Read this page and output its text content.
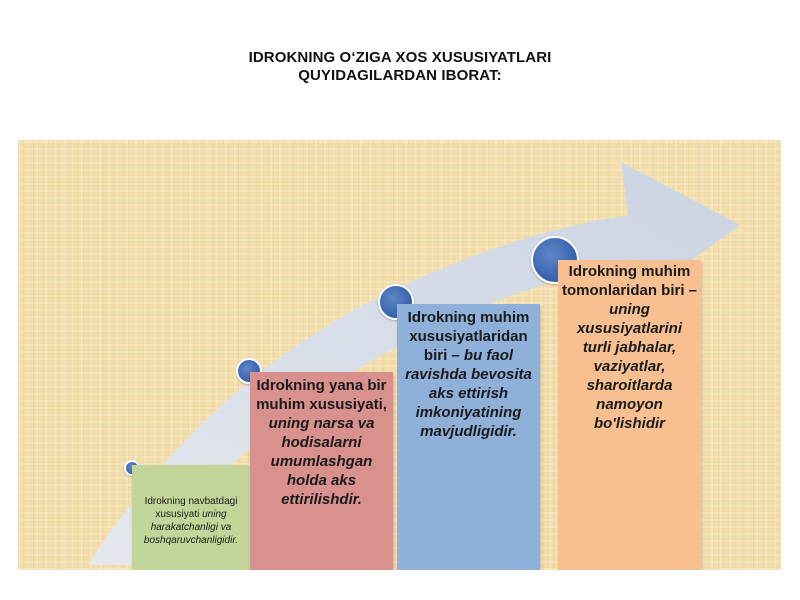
IDROKNING O‘ZIGA XOS XUSUSIYATLARI
QUYIDAGILARDAN IBORAT:
Idrokning navbatdagi xususiyati uning harakatchanligi va boshqaruvchanligidir.
Idrokning yana bir muhim xususiyati, uning narsa va hodisalarni umumlashgan holda aks ettirilishdir.
Idrokning muhim xususiyatlaridan biri – bu faol ravishda bevosita aks ettirish imkoniyatining mavjudligidir.
Idrokning muhim tomonlaridan biri – uning xususiyatlarini turli jabhalar, vaziyatlar, sharoitlarda namoyon bo'lishidir
